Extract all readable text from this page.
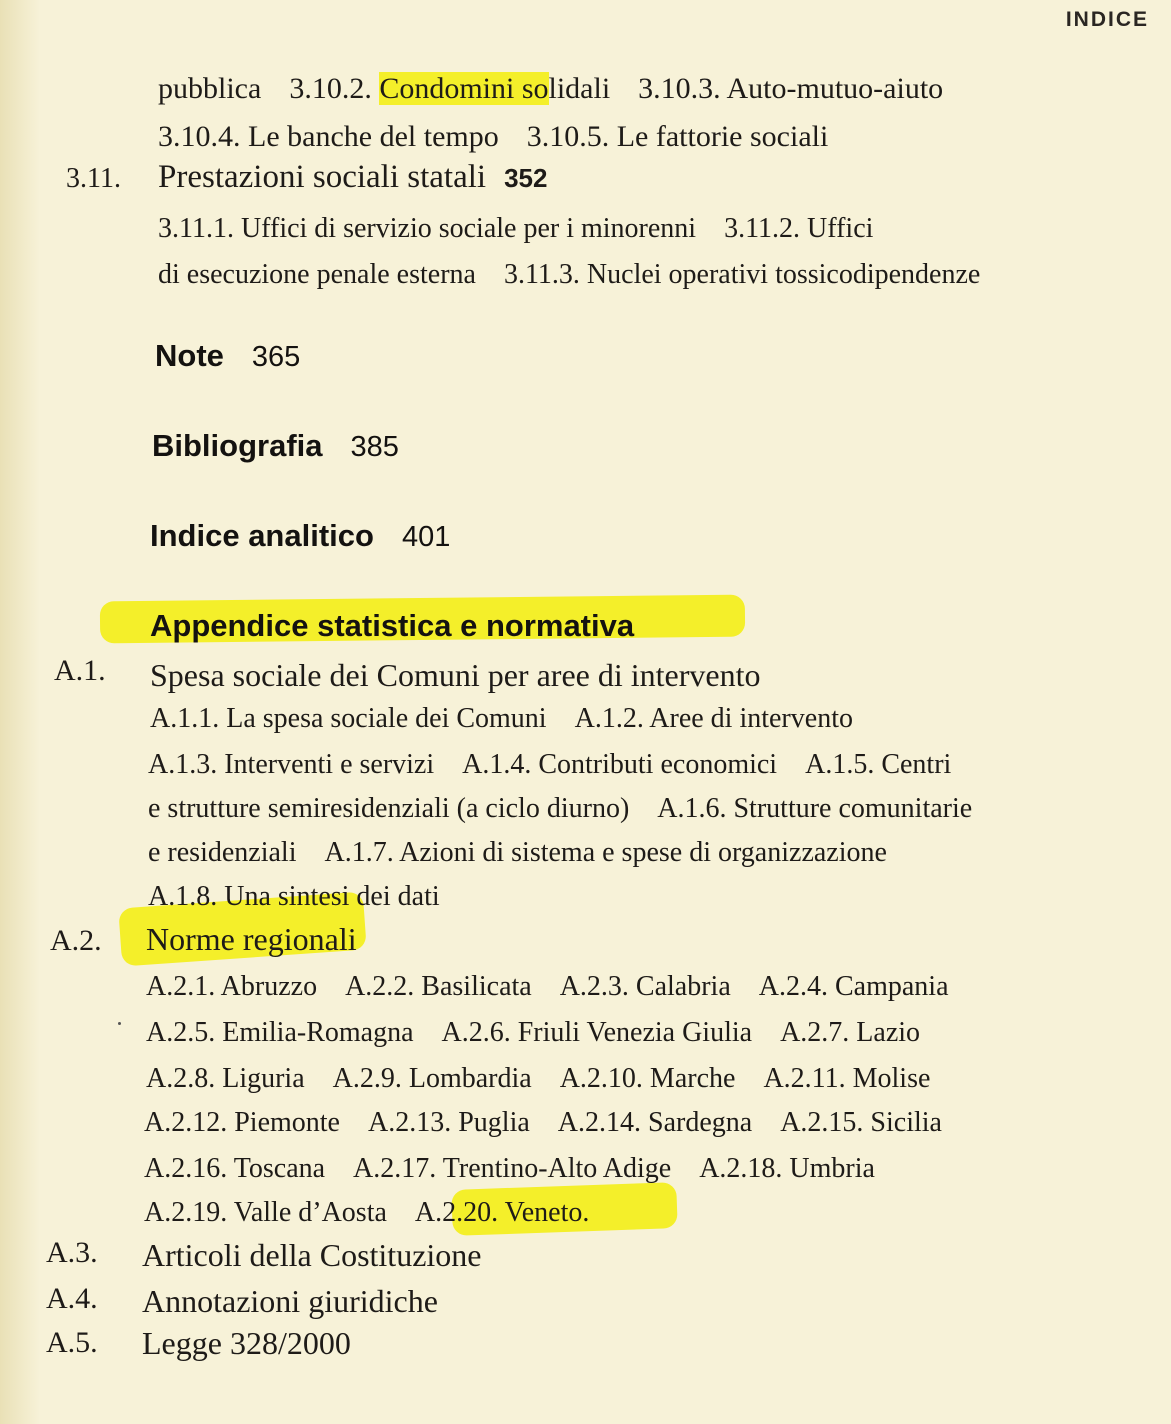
INDICE
pubblica 3.10.2. Condomini solidali 3.10.3. Auto-mutuo-aiuto
3.10.4. Le banche del tempo 3.10.5. Le fattorie sociali
3.11. Prestazioni sociali statali 352
3.11.1. Uffici di servizio sociale per i minorenni 3.11.2. Uffici
di esecuzione penale esterna 3.11.3. Nuclei operativi tossicodipendenze
Note 365
Bibliografia 385
Indice analitico 401
Appendice statistica e normativa
A.1. Spesa sociale dei Comuni per aree di intervento
A.1.1. La spesa sociale dei Comuni A.1.2. Aree di intervento
A.1.3. Interventi e servizi A.1.4. Contributi economici A.1.5. Centri
e strutture semiresidenziali (a ciclo diurno) A.1.6. Strutture comunitarie
e residenziali A.1.7. Azioni di sistema e spese di organizzazione
A.1.8. Una sintesi dei dati
A.2. Norme regionali
A.2.1. Abruzzo A.2.2. Basilicata A.2.3. Calabria A.2.4. Campania
A.2.5. Emilia-Romagna A.2.6. Friuli Venezia Giulia A.2.7. Lazio
A.2.8. Liguria A.2.9. Lombardia A.2.10. Marche A.2.11. Molise
A.2.12. Piemonte A.2.13. Puglia A.2.14. Sardegna A.2.15. Sicilia
A.2.16. Toscana A.2.17. Trentino-Alto Adige A.2.18. Umbria
A.2.19. Valle d’Aosta A.2.20. Veneto.
A.3. Articoli della Costituzione
A.4. Annotazioni giuridiche
A.5. Legge 328/2000
